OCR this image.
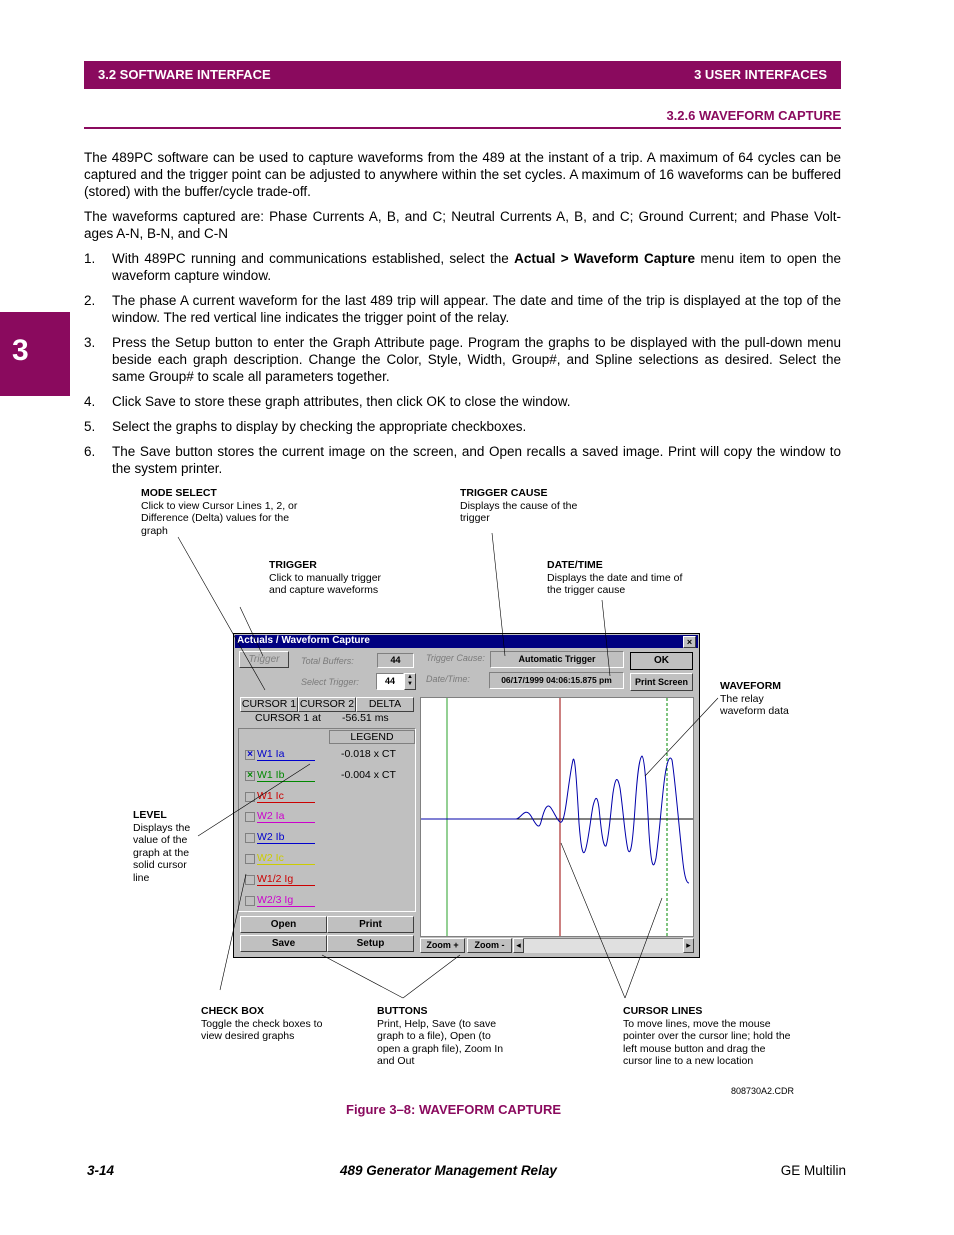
3.2 SOFTWARE INTERFACE	3 USER INTERFACES
3.2.6 WAVEFORM CAPTURE
3
The 489PC software can be used to capture waveforms from the 489 at the instant of a trip. A maximum of 64 cycles can be captured and the trigger point can be adjusted to anywhere within the set cycles. A maximum of 16 waveforms can be buffered (stored) with the buffer/cycle trade-off.
The waveforms captured are: Phase Currents A, B, and C; Neutral Currents A, B, and C; Ground Current; and Phase Volt-ages A-N, B-N, and C-N
1. With 489PC running and communications established, select the Actual > Waveform Capture menu item to open the waveform capture window.
2. The phase A current waveform for the last 489 trip will appear. The date and time of the trip is displayed at the top of the window. The red vertical line indicates the trigger point of the relay.
3. Press the Setup button to enter the Graph Attribute page. Program the graphs to be displayed with the pull-down menu beside each graph description. Change the Color, Style, Width, Group#, and Spline selections as desired. Select the same Group# to scale all parameters together.
4. Click Save to store these graph attributes, then click OK to close the window.
5. Select the graphs to display by checking the appropriate checkboxes.
6. The Save button stores the current image on the screen, and Open recalls a saved image. Print will copy the window to the system printer.
MODE SELECT
Click to view Cursor Lines 1, 2, or Difference (Delta) values for the graph
TRIGGER CAUSE
Displays the cause of the trigger
TRIGGER
Click to manually trigger and capture waveforms
DATE/TIME
Displays the date and time of the trigger cause
WAVEFORM
The relay waveform data
LEVEL
Displays the value of the graph at the solid cursor line
CHECK BOX
Toggle the check boxes to view desired graphs
BUTTONS
Print, Help, Save (to save graph to a file), Open (to open a graph file), Zoom In and Out
CURSOR LINES
To move lines, move the mouse pointer over the cursor line; hold the left mouse button and drag the cursor line to a new location
Actuals / Waveform Capture	×
Trigger	Total Buffers:	44
Select Trigger:	44	▲
▼
Trigger Cause:	Automatic Trigger
Date/Time:	06/17/1999 04:06:15.875 pm
OK
Print Screen
CURSOR 1 CURSOR 2	DELTA
CURSOR 1 at -56.51 ms
LEGEND
× W1 Ia	-0.018 x CT
× W1 Ib	-0.004 x CT
W1 Ic
W2 Ia
W2 Ib
W2 Ic
W1/2 Ig
W2/3 Ig
Open	Print
Save	Setup	Zoom +	Zoom -	◂	▸
808730A2.CDR
Figure 3–8: WAVEFORM CAPTURE
3-14	489 Generator Management Relay	GE Multilin
